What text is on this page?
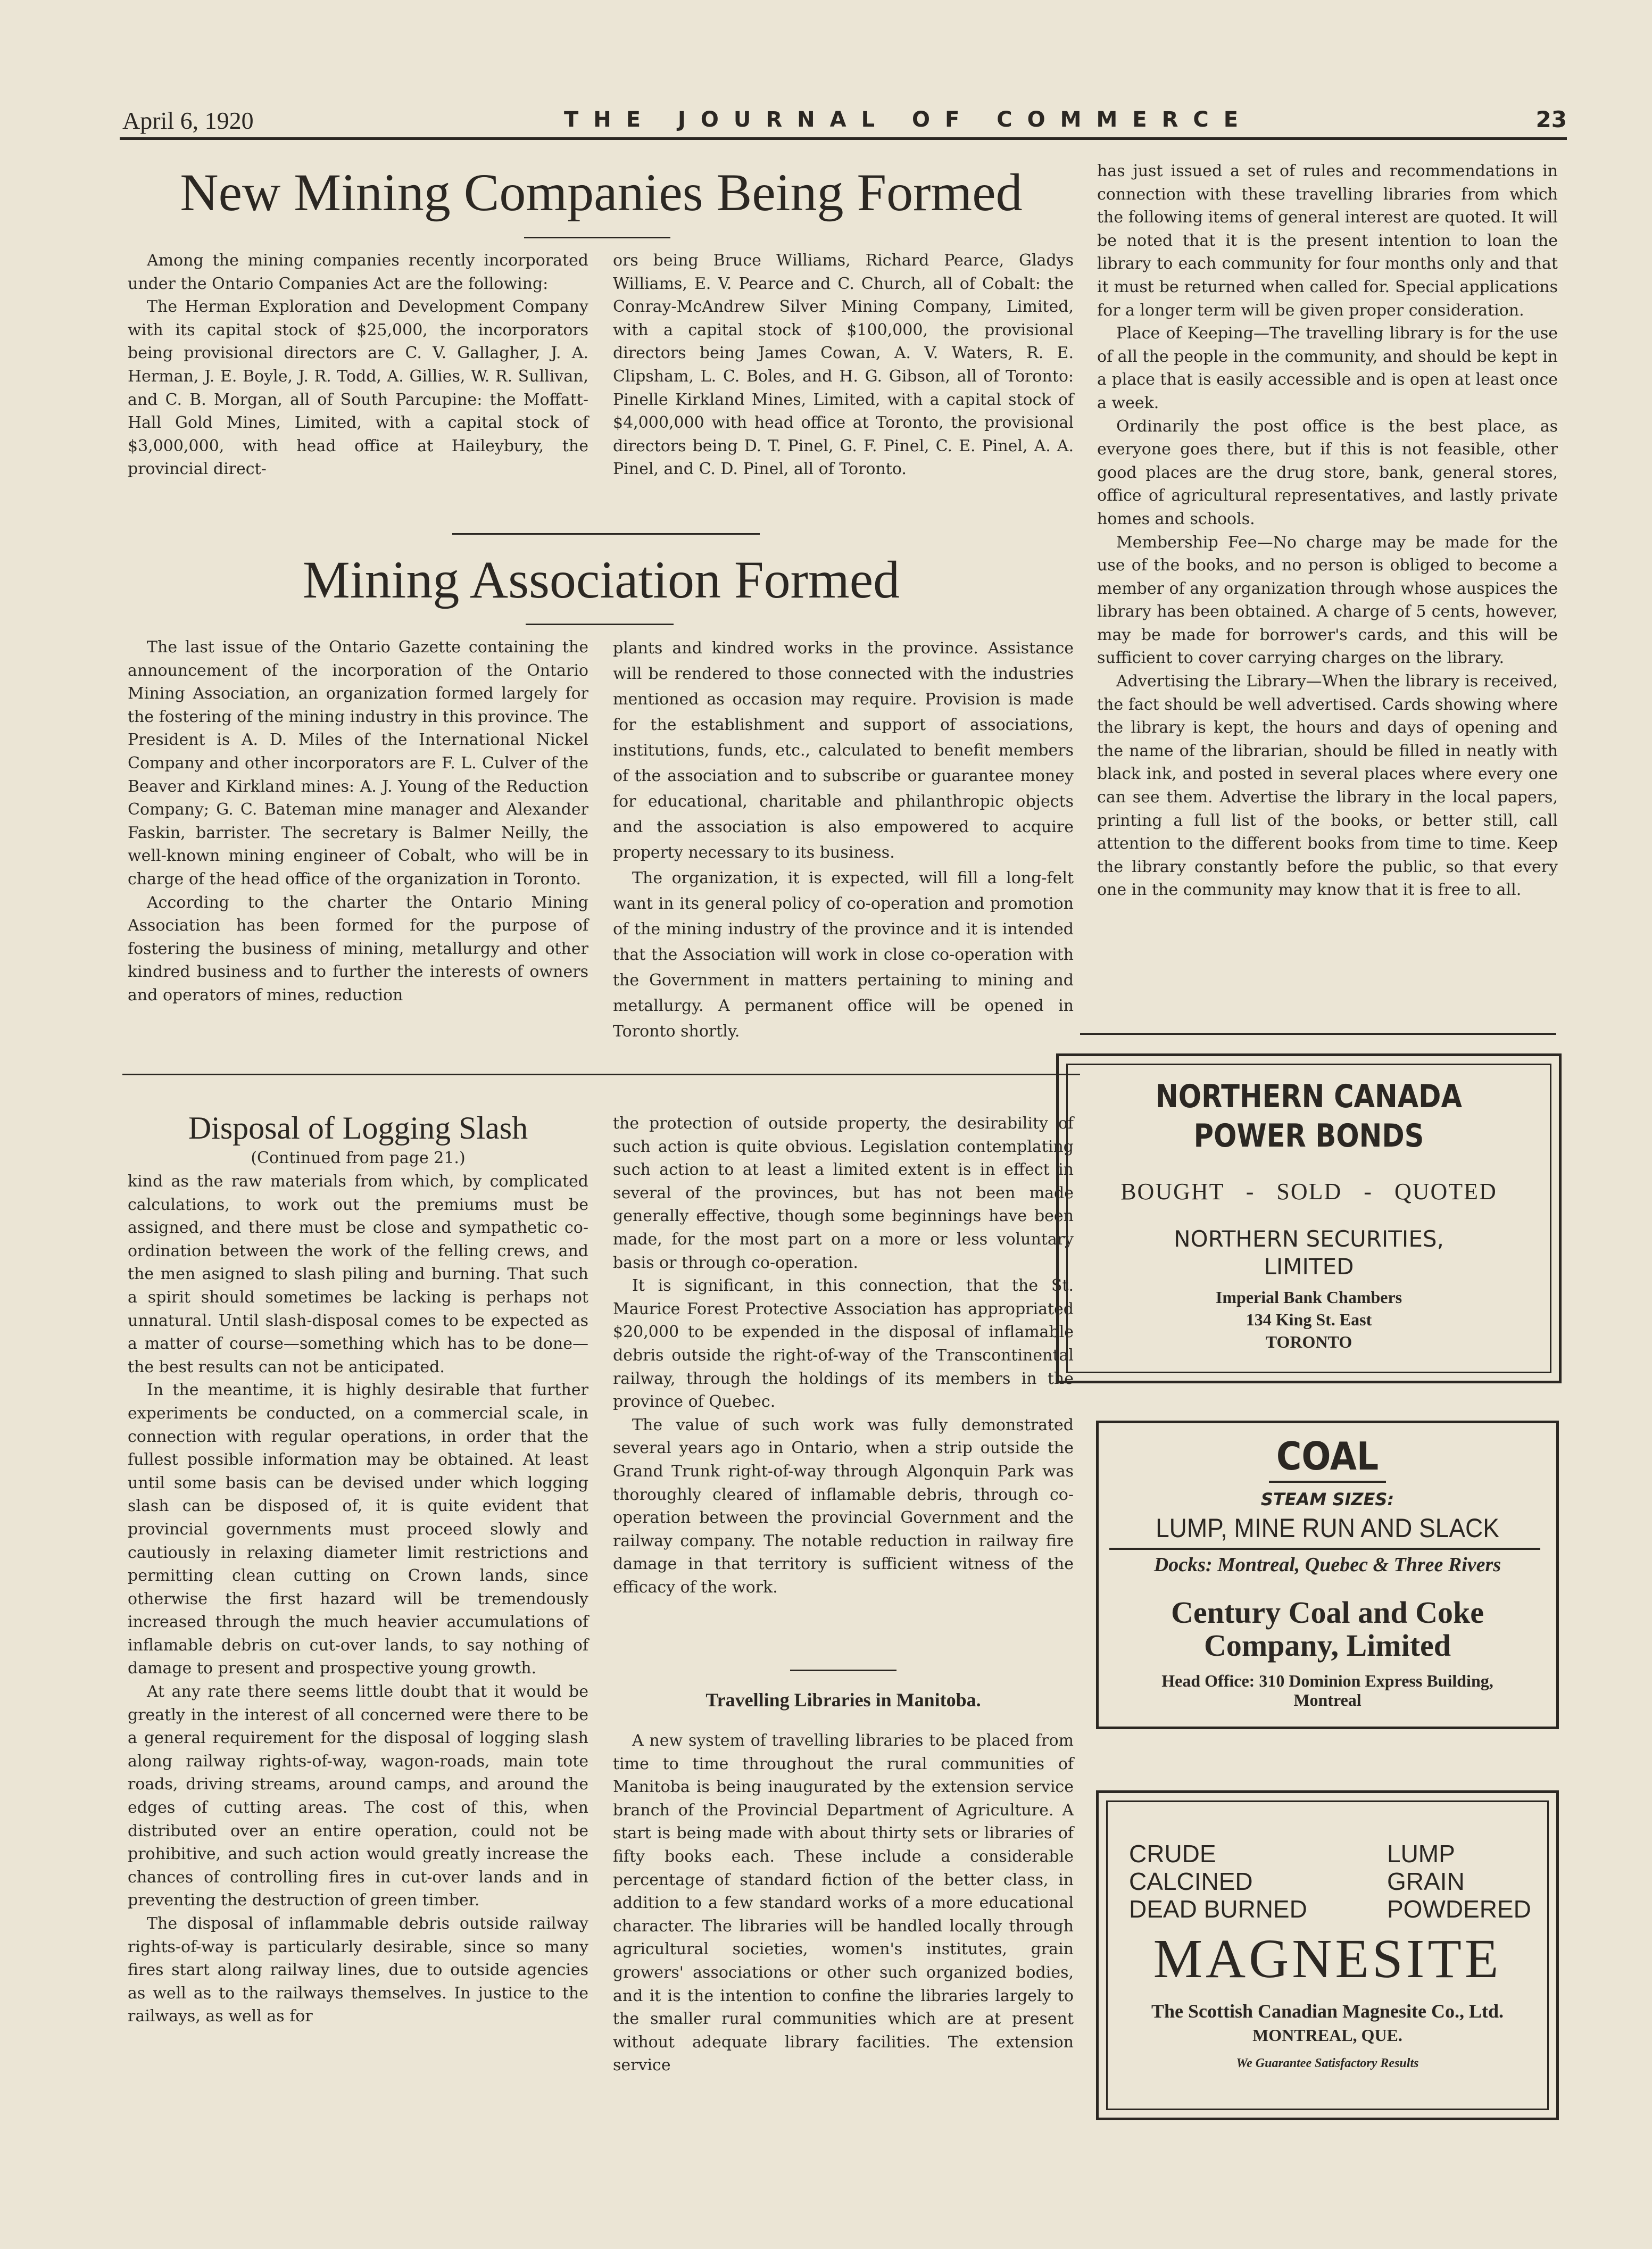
April 6, 1920	THE JOURNAL OF COMMERCE	23
New Mining Companies Being Formed

Among the mining companies recently incorporated under the Ontario Companies Act are the following:

The Herman Exploration and Development Company with its capital stock of $25,000, the incorporators being provisional directors are C. V. Gallagher, J. A. Herman, J. E. Boyle, J. R. Todd, A. Gillies, W. R. Sullivan, and C. B. Morgan, all of South Parcupine: the Moffatt-Hall Gold Mines, Limited, with a capital stock of $3,000,000, with head office at Haileybury, the provincial direct-

ors being Bruce Williams, Richard Pearce, Gladys Williams, E. V. Pearce and C. Church, all of Cobalt: the Conray-McAndrew Silver Mining Company, Limited, with a capital stock of $100,000, the provisional directors being James Cowan, A. V. Waters, R. E. Clipsham, L. C. Boles, and H. G. Gibson, all of Toronto: Pinelle Kirkland Mines, Limited, with a capital stock of $4,000,000 with head office at Toronto, the provisional directors being D. T. Pinel, G. F. Pinel, C. E. Pinel, A. A. Pinel, and C. D. Pinel, all of Toronto.

Mining Association Formed

The last issue of the Ontario Gazette containing the announcement of the incorporation of the Ontario Mining Association, an organization formed largely for the fostering of the mining industry in this province. The President is A. D. Miles of the International Nickel Company and other incorporators are F. L. Culver of the Beaver and Kirkland mines: A. J. Young of the Reduction Company; G. C. Bateman mine manager and Alexander Faskin, barrister. The secretary is Balmer Neilly, the well-known mining engineer of Cobalt, who will be in charge of the head office of the organization in Toronto.

According to the charter the Ontario Mining Association has been formed for the purpose of fostering the business of mining, metallurgy and other kindred business and to further the interests of owners and operators of mines, reduction

plants and kindred works in the province. Assistance will be rendered to those connected with the industries mentioned as occasion may require. Provision is made for the establishment and support of associations, institutions, funds, etc., calculated to benefit members of the association and to subscribe or guarantee money for educational, charitable and philanthropic objects and the association is also empowered to acquire property necessary to its business.

The organization, it is expected, will fill a long-felt want in its general policy of co-operation and promotion of the mining industry of the province and it is intended that the Association will work in close co-operation with the Government in matters pertaining to mining and metallurgy. A permanent office will be opened in Toronto shortly.

Disposal of Logging Slash
(Continued from page 21.)

kind as the raw materials from which, by complicated calculations, to work out the premiums must be assigned, and there must be close and sympathetic co-ordination between the work of the felling crews, and the men asigned to slash piling and burning. That such a spirit should sometimes be lacking is perhaps not unnatural. Until slash-disposal comes to be expected as a matter of course—something which has to be done—the best results can not be anticipated.

In the meantime, it is highly desirable that further experiments be conducted, on a commercial scale, in connection with regular operations, in order that the fullest possible information may be obtained. At least until some basis can be devised under which logging slash can be disposed of, it is quite evident that provincial governments must proceed slowly and cautiously in relaxing diameter limit restrictions and permitting clean cutting on Crown lands, since otherwise the first hazard will be tremendously increased through the much heavier accumulations of inflamable debris on cut-over lands, to say nothing of damage to present and prospective young growth.

At any rate there seems little doubt that it would be greatly in the interest of all concerned were there to be a general requirement for the disposal of logging slash along railway rights-of-way, wagon-roads, main tote roads, driving streams, around camps, and around the edges of cutting areas. The cost of this, when distributed over an entire operation, could not be prohibitive, and such action would greatly increase the chances of controlling fires in cut-over lands and in preventing the destruction of green timber.

The disposal of inflammable debris outside railway rights-of-way is particularly desirable, since so many fires start along railway lines, due to outside agencies as well as to the railways themselves. In justice to the railways, as well as for

the protection of outside property, the desirability of such action is quite obvious. Legislation contemplating such action to at least a limited extent is in effect in several of the provinces, but has not been made generally effective, though some beginnings have been made, for the most part on a more or less voluntary basis or through co-operation.

It is significant, in this connection, that the St. Maurice Forest Protective Association has appropriated $20,000 to be expended in the disposal of inflamable debris outside the right-of-way of the Transcontinental railway, through the holdings of its members in the province of Quebec.

The value of such work was fully demonstrated several years ago in Ontario, when a strip outside the Grand Trunk right-of-way through Algonquin Park was thoroughly cleared of inflamable debris, through co-operation between the provincial Government and the railway company. The notable reduction in railway fire damage in that territory is sufficient witness of the efficacy of the work.

Travelling Libraries in Manitoba.

A new system of travelling libraries to be placed from time to time throughout the rural communities of Manitoba is being inaugurated by the extension service branch of the Provincial Department of Agriculture. A start is being made with about thirty sets or libraries of fifty books each. These include a considerable percentage of standard fiction of the better class, in addition to a few standard works of a more educational character. The libraries will be handled locally through agricultural societies, women's institutes, grain growers' associations or other such organized bodies, and it is the intention to confine the libraries largely to the smaller rural communities which are at present without adequate library facilities. The extension service

has just issued a set of rules and recommendations in connection with these travelling libraries from which the following items of general interest are quoted. It will be noted that it is the present intention to loan the library to each community for four months only and that it must be returned when called for. Special applications for a longer term will be given proper consideration.

Place of Keeping—The travelling library is for the use of all the people in the community, and should be kept in a place that is easily accessible and is open at least once a week.

Ordinarily the post office is the best place, as everyone goes there, but if this is not feasible, other good places are the drug store, bank, general stores, office of agricultural representatives, and lastly private homes and schools.

Membership Fee—No charge may be made for the use of the books, and no person is obliged to become a member of any organization through whose auspices the library has been obtained. A charge of 5 cents, however, may be made for borrower's cards, and this will be sufficient to cover carrying charges on the library.

Advertising the Library—When the library is received, the fact should be well advertised. Cards showing where the library is kept, the hours and days of opening and the name of the librarian, should be filled in neatly with black ink, and posted in several places where every one can see them. Advertise the library in the local papers, printing a full list of the books, or better still, call attention to the different books from time to time. Keep the library constantly before the public, so that every one in the community may know that it is free to all.

NORTHERN CANADA
POWER BONDS
BOUGHT - SOLD - QUOTED
NORTHERN SECURITIES,
LIMITED
Imperial Bank Chambers
134 King St. East
TORONTO
COAL
STEAM SIZES:
LUMP, MINE RUN AND SLACK
Docks: Montreal, Quebec & Three Rivers
Century Coal and Coke
Company, Limited
Head Office: 310 Dominion Express Building,
Montreal
CRUDE
CALCINED
DEAD BURNED
LUMP
GRAIN
POWDERED
MAGNESITE
The Scottish Canadian Magnesite Co., Ltd.
MONTREAL, QUE.
We Guarantee Satisfactory Results
